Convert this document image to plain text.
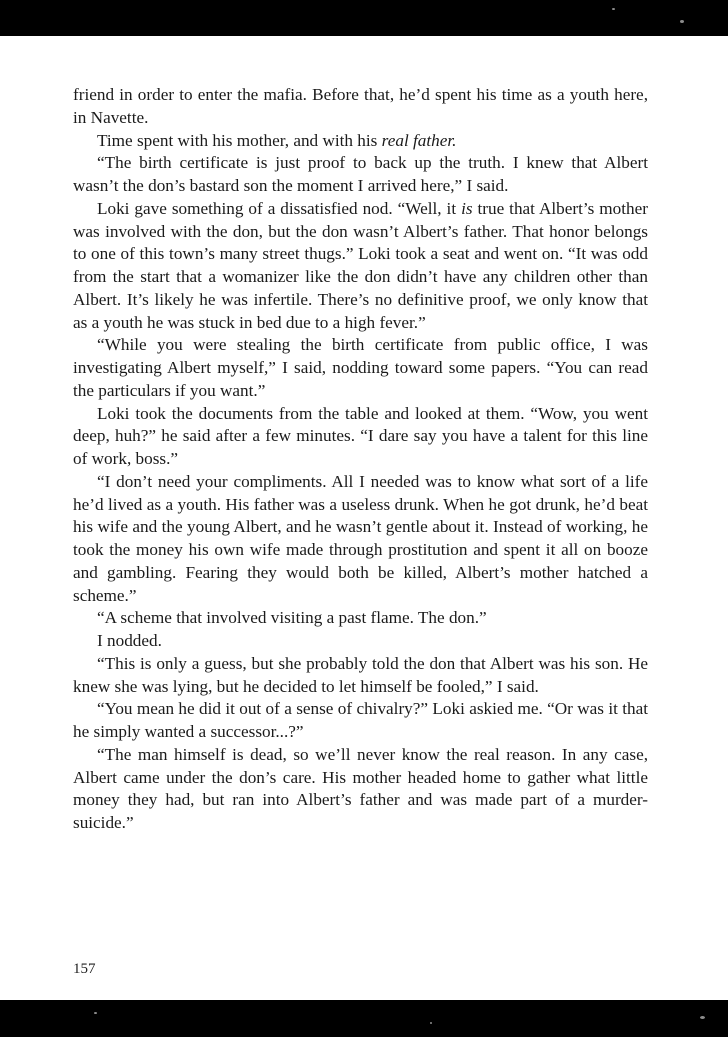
friend in order to enter the mafia. Before that, he’d spent his time as a youth here, in Navette.

Time spent with his mother, and with his real father.

“The birth certificate is just proof to back up the truth. I knew that Albert wasn’t the don’s bastard son the moment I arrived here,” I said.

Loki gave something of a dissatisfied nod. “Well, it is true that Albert’s mother was involved with the don, but the don wasn’t Albert’s father. That honor belongs to one of this town’s many street thugs.” Loki took a seat and went on. “It was odd from the start that a womanizer like the don didn’t have any children other than Albert. It’s likely he was infertile. There’s no definitive proof, we only know that as a youth he was stuck in bed due to a high fever.”

“While you were stealing the birth certificate from public office, I was investigating Albert myself,” I said, nodding toward some papers. “You can read the particulars if you want.”

Loki took the documents from the table and looked at them. “Wow, you went deep, huh?” he said after a few minutes. “I dare say you have a talent for this line of work, boss.”

“I don’t need your compliments. All I needed was to know what sort of a life he’d lived as a youth. His father was a useless drunk. When he got drunk, he’d beat his wife and the young Albert, and he wasn’t gentle about it. Instead of working, he took the money his own wife made through prostitution and spent it all on booze and gambling. Fearing they would both be killed, Albert’s mother hatched a scheme.”

“A scheme that involved visiting a past flame. The don.”

I nodded.

“This is only a guess, but she probably told the don that Albert was his son. He knew she was lying, but he decided to let himself be fooled,” I said.

“You mean he did it out of a sense of chivalry?” Loki askied me. “Or was it that he simply wanted a successor...?”

“The man himself is dead, so we’ll never know the real reason. In any case, Albert came under the don’s care. His mother headed home to gather what little money they had, but ran into Albert’s father and was made part of a murder-suicide.”

157
